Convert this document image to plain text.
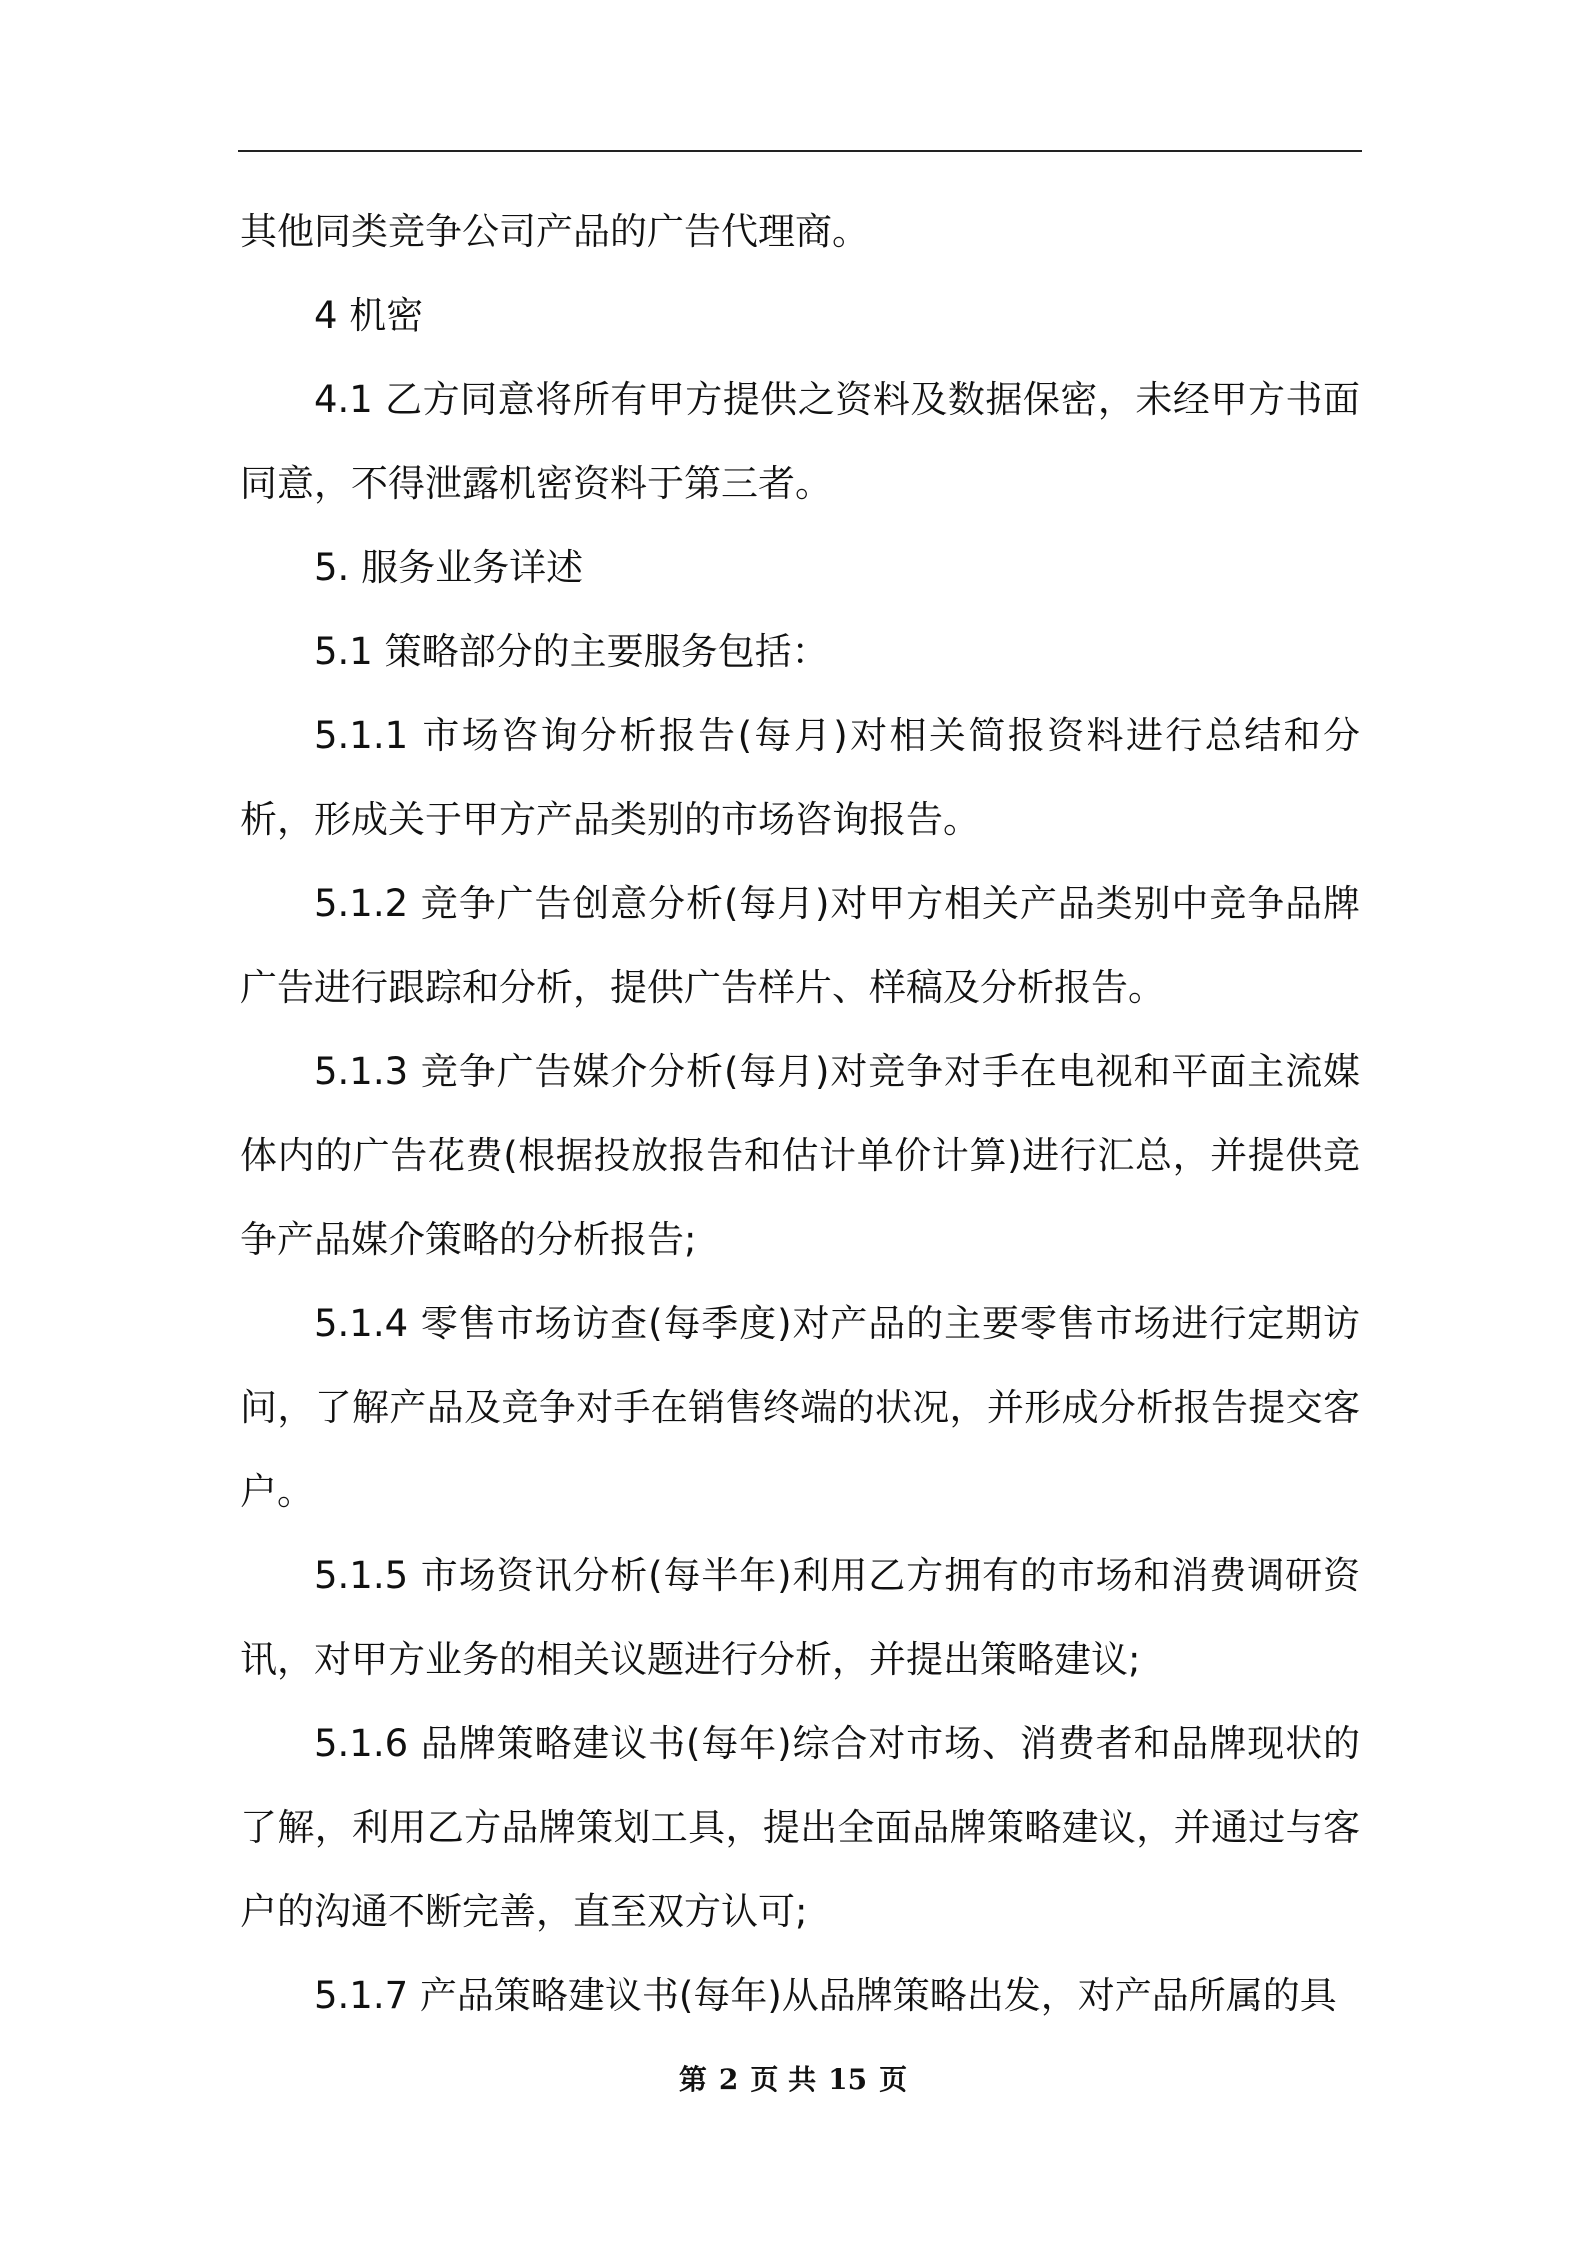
其他同类竞争公司产品的广告代理商。

4 机密

4.1 乙方同意将所有甲方提供之资料及数据保密，未经甲方书面同意，不得泄露机密资料于第三者。

5. 服务业务详述

5.1 策略部分的主要服务包括：

5.1.1 市场咨询分析报告(每月)对相关简报资料进行总结和分析，形成关于甲方产品类别的市场咨询报告。

5.1.2 竞争广告创意分析(每月)对甲方相关产品类别中竞争品牌广告进行跟踪和分析，提供广告样片、样稿及分析报告。

5.1.3 竞争广告媒介分析(每月)对竞争对手在电视和平面主流媒体内的广告花费(根据投放报告和估计单价计算)进行汇总，并提供竞争产品媒介策略的分析报告;

5.1.4 零售市场访查(每季度)对产品的主要零售市场进行定期访问，了解产品及竞争对手在销售终端的状况，并形成分析报告提交客户。

5.1.5 市场资讯分析(每半年)利用乙方拥有的市场和消费调研资讯，对甲方业务的相关议题进行分析，并提出策略建议;

5.1.6 品牌策略建议书(每年)综合对市场、消费者和品牌现状的了解，利用乙方品牌策划工具，提出全面品牌策略建议，并通过与客户的沟通不断完善，直至双方认可;

5.1.7 产品策略建议书(每年)从品牌策略出发，对产品所属的具

第 2 页 共 15 页
